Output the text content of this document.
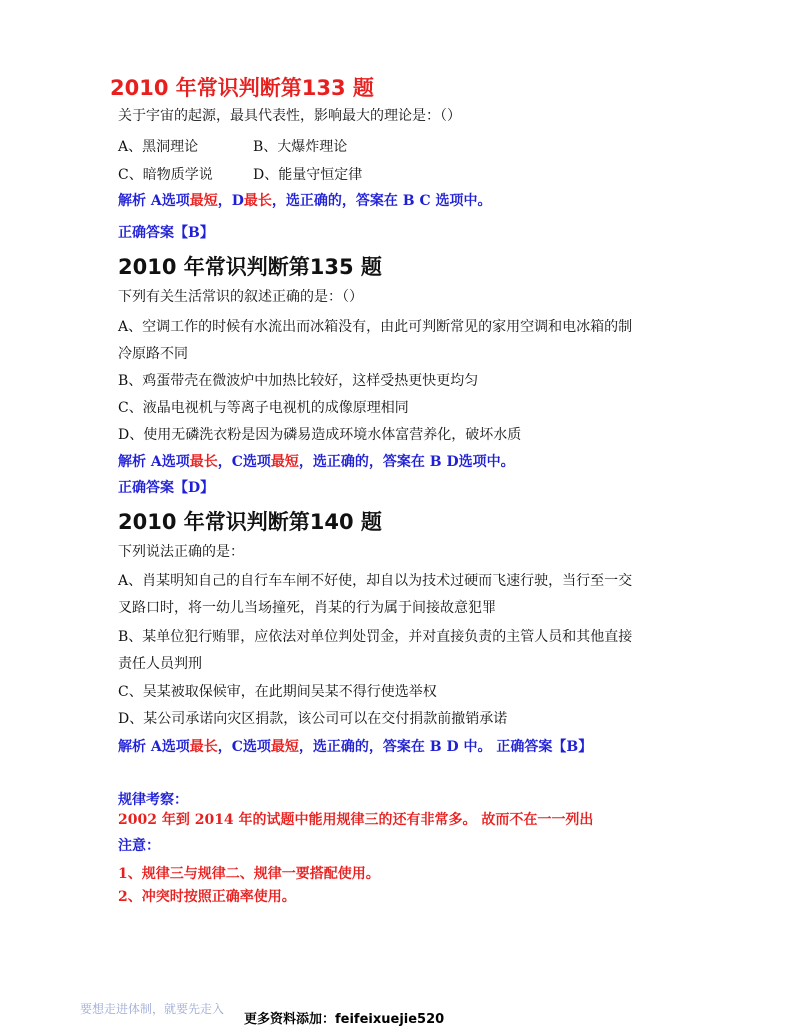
2010 年常识判断第133 题
关于宇宙的起源，最具代表性，影响最大的理论是：（）
A、黑洞理论	B、大爆炸理论
C、暗物质学说	D、能量守恒定律
解析 A选项最短，D最长，选正确的，答案在 B C 选项中。
正确答案【B】
2010 年常识判断第135 题
下列有关生活常识的叙述正确的是：（）
A、空调工作的时候有水流出而冰箱没有，由此可判断常见的家用空调和电冰箱的制
冷原路不同
B、鸡蛋带壳在微波炉中加热比较好，这样受热更快更均匀
C、液晶电视机与等离子电视机的成像原理相同
D、使用无磷洗衣粉是因为磷易造成环境水体富营养化，破坏水质
解析 A选项最长，C选项最短，选正确的，答案在 B D选项中。
正确答案【D】
2010 年常识判断第140 题
下列说法正确的是：
A、肖某明知自己的自行车车闸不好使，却自以为技术过硬而飞速行驶，当行至一交
叉路口时，将一幼儿当场撞死，肖某的行为属于间接故意犯罪
B、某单位犯行贿罪，应依法对单位判处罚金，并对直接负责的主管人员和其他直接
责任人员判刑
C、吴某被取保候审，在此期间吴某不得行使选举权
D、某公司承诺向灾区捐款，该公司可以在交付捐款前撤销承诺
解析 A选项最长，C选项最短，选正确的，答案在 B D 中。 正确答案【B】
规律考察：
2002 年到 2014 年的试题中能用规律三的还有非常多。 故而不在一一列出
注意：
1、规律三与规律二、规律一要搭配使用。
2、冲突时按照正确率使用。
要想走进体制，就要先走入
更多资料添加：feifeixuejie520
